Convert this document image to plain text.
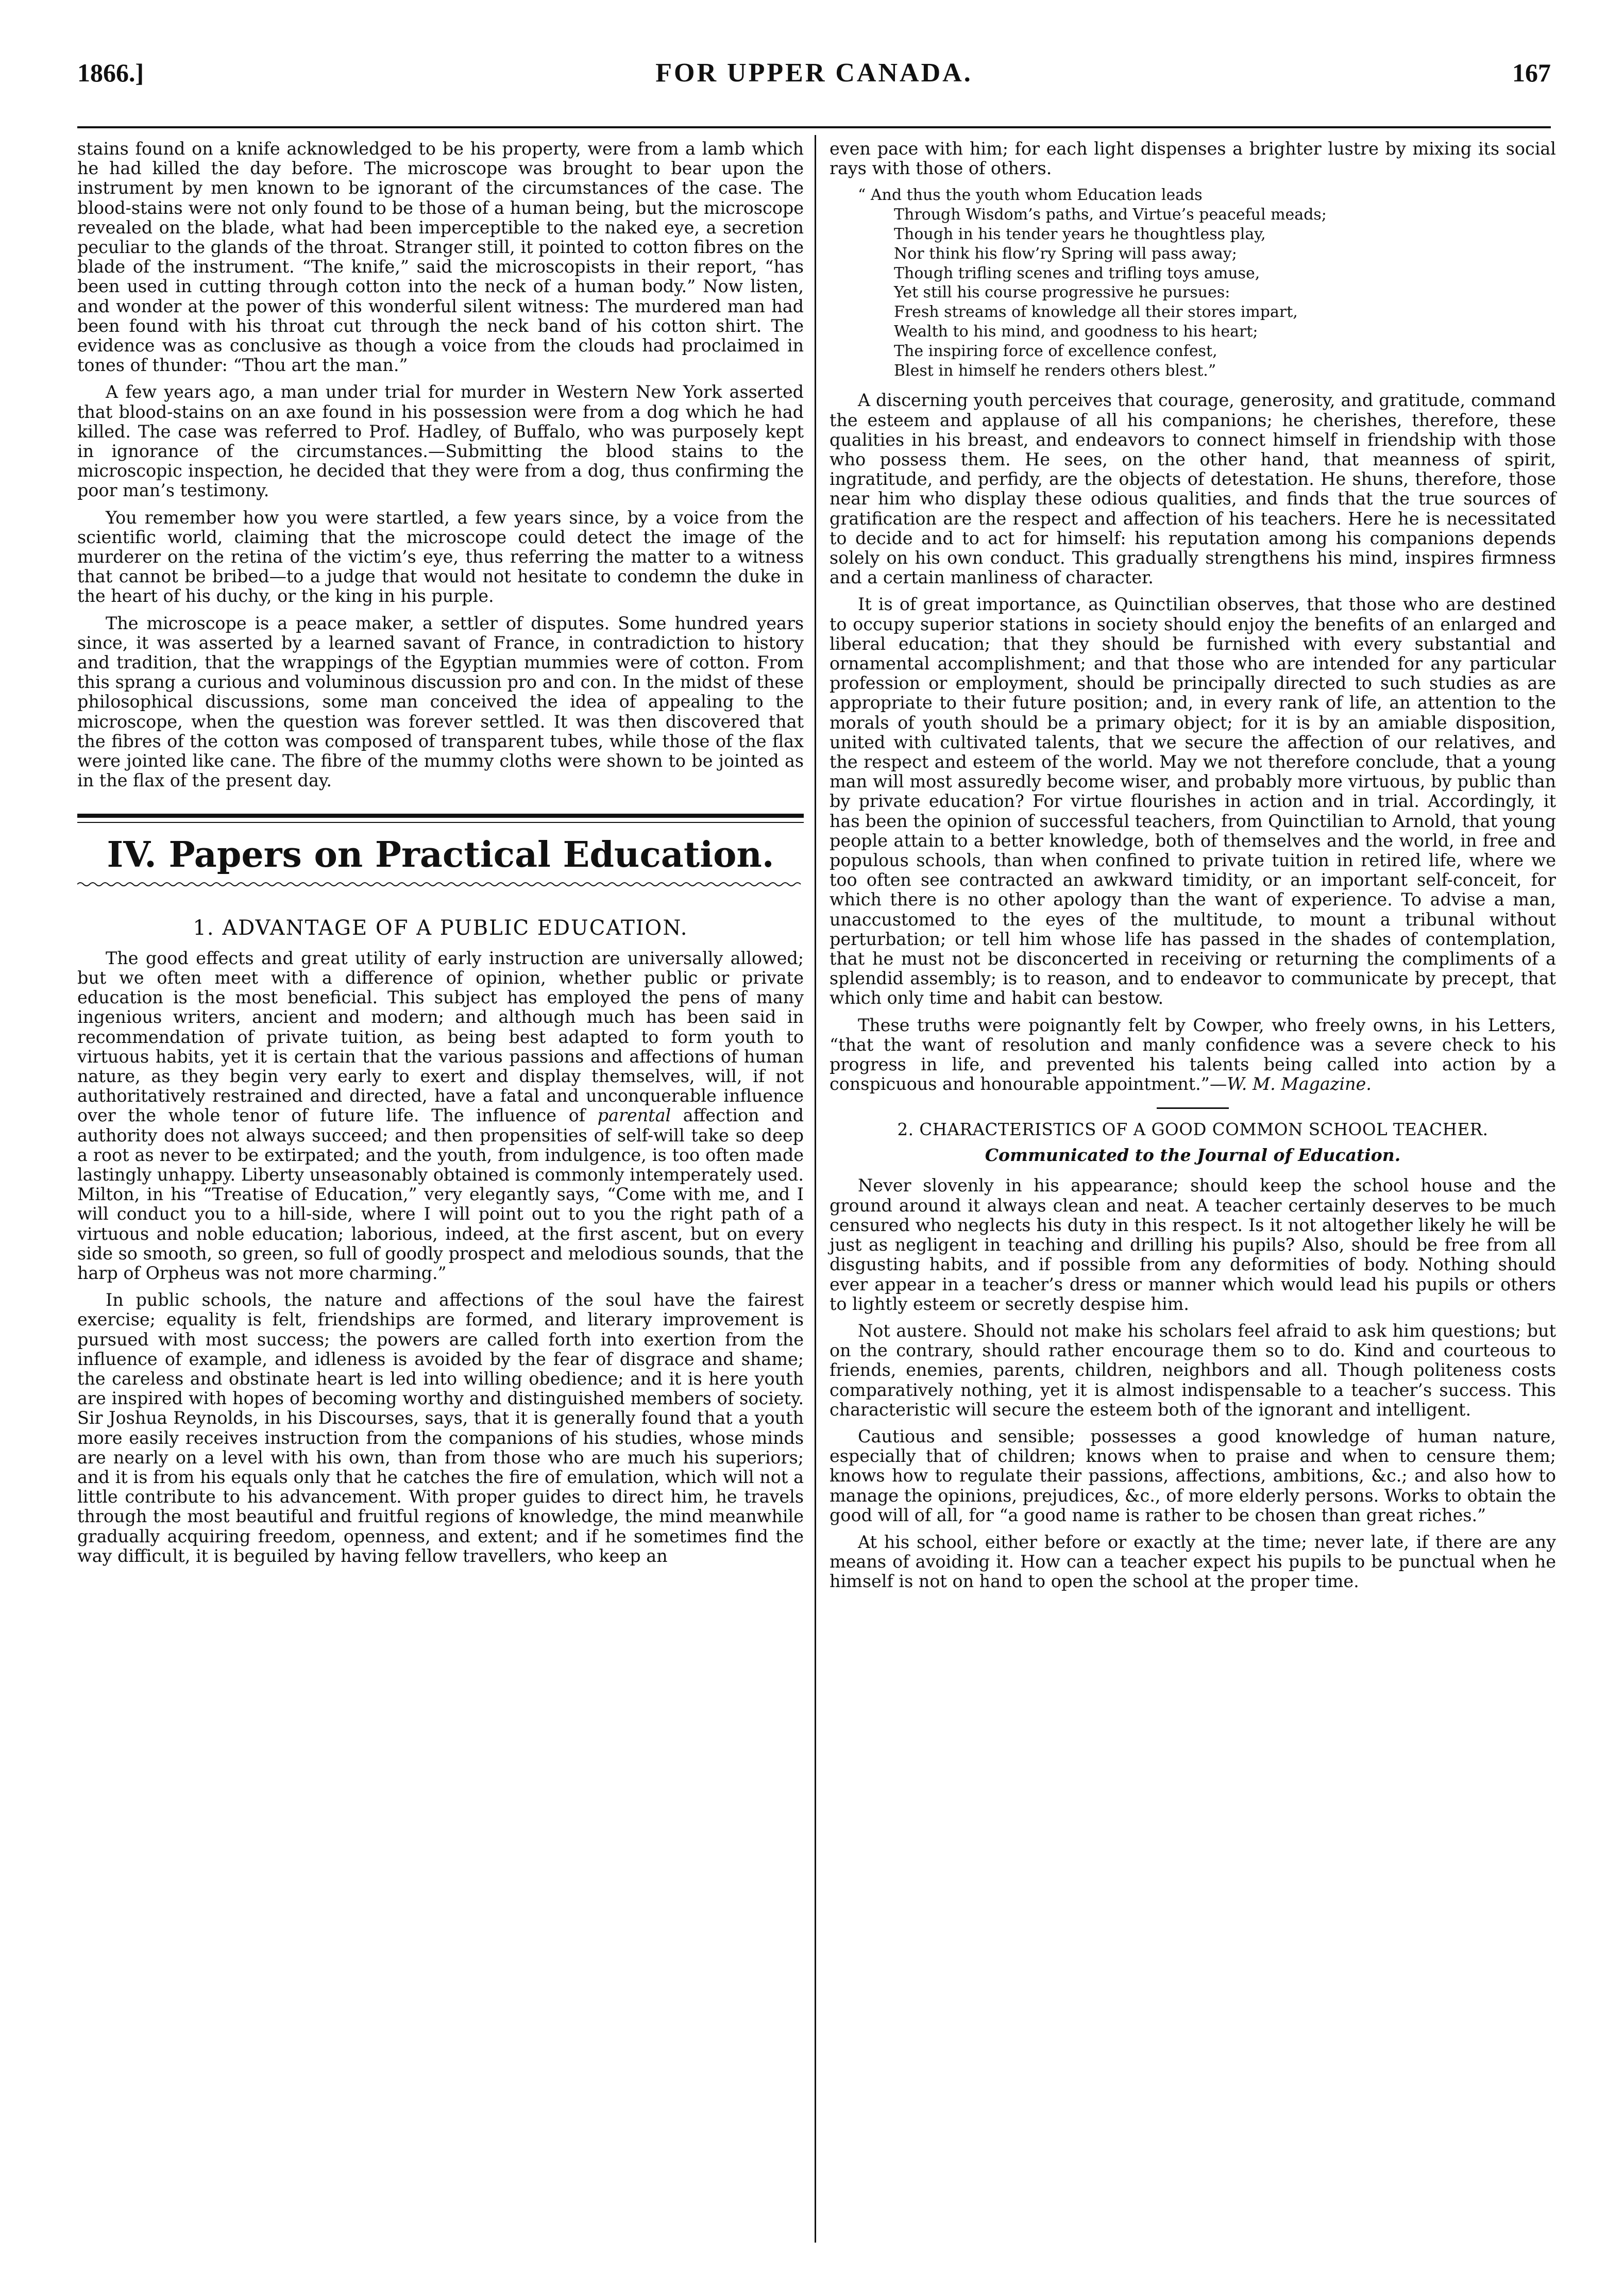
1866.]	FOR UPPER CANADA.	167

stains found on a knife acknowledged to be his property, were from a lamb which he had killed the day before. The microscope was brought to bear upon the instrument by men known to be ignorant of the circumstances of the case. The blood-stains were not only found to be those of a human being, but the microscope revealed on the blade, what had been imperceptible to the naked eye, a secretion peculiar to the glands of the throat. Stranger still, it pointed to cotton fibres on the blade of the instrument. “The knife,” said the microscopists in their report, “has been used in cutting through cotton into the neck of a human body.” Now listen, and wonder at the power of this wonderful silent witness: The murdered man had been found with his throat cut through the neck band of his cotton shirt. The evidence was as conclusive as though a voice from the clouds had proclaimed in tones of thunder: “Thou art the man.”

A few years ago, a man under trial for murder in Western New York asserted that blood-stains on an axe found in his possession were from a dog which he had killed. The case was referred to Prof. Hadley, of Buffalo, who was purposely kept in ignorance of the circumstances.—Submitting the blood stains to the microscopic inspection, he decided that they were from a dog, thus confirming the poor man’s testimony.

You remember how you were startled, a few years since, by a voice from the scientific world, claiming that the microscope could detect the image of the murderer on the retina of the victim’s eye, thus referring the matter to a witness that cannot be bribed—to a judge that would not hesitate to condemn the duke in the heart of his duchy, or the king in his purple.

The microscope is a peace maker, a settler of disputes. Some hundred years since, it was asserted by a learned savant of France, in contradiction to history and tradition, that the wrappings of the Egyptian mummies were of cotton. From this sprang a curious and voluminous discussion pro and con. In the midst of these philosophical discussions, some man conceived the idea of appealing to the microscope, when the question was forever settled. It was then discovered that the fibres of the cotton was composed of transparent tubes, while those of the flax were jointed like cane. The fibre of the mummy cloths were shown to be jointed as in the flax of the present day.

IV. Papers on Practical Education.
1. ADVANTAGE OF A PUBLIC EDUCATION.

The good effects and great utility of early instruction are universally allowed; but we often meet with a difference of opinion, whether public or private education is the most beneficial. This subject has employed the pens of many ingenious writers, ancient and modern; and although much has been said in recommendation of private tuition, as being best adapted to form youth to virtuous habits, yet it is certain that the various passions and affections of human nature, as they begin very early to exert and display themselves, will, if not authoritatively restrained and directed, have a fatal and unconquerable influence over the whole tenor of future life. The influence of parental affection and authority does not always succeed; and then propensities of self-will take so deep a root as never to be extirpated; and the youth, from indulgence, is too often made lastingly unhappy. Liberty unseasonably obtained is commonly intemperately used. Milton, in his “Treatise of Education,” very elegantly says, “Come with me, and I will conduct you to a hill-side, where I will point out to you the right path of a virtuous and noble education; laborious, indeed, at the first ascent, but on every side so smooth, so green, so full of goodly prospect and melodious sounds, that the harp of Orpheus was not more charming.”

In public schools, the nature and affections of the soul have the fairest exercise; equality is felt, friendships are formed, and literary improvement is pursued with most success; the powers are called forth into exertion from the influence of example, and idleness is avoided by the fear of disgrace and shame; the careless and obstinate heart is led into willing obedience; and it is here youth are inspired with hopes of becoming worthy and distinguished members of society. Sir Joshua Reynolds, in his Discourses, says, that it is generally found that a youth more easily receives instruction from the companions of his studies, whose minds are nearly on a level with his own, than from those who are much his superiors; and it is from his equals only that he catches the fire of emulation, which will not a little contribute to his advancement. With proper guides to direct him, he travels through the most beautiful and fruitful regions of knowledge, the mind meanwhile gradually acquiring freedom, openness, and extent; and if he sometimes find the way difficult, it is beguiled by having fellow travellers, who keep an

even pace with him; for each light dispenses a brighter lustre by mixing its social rays with those of others.

“ And thus the youth whom Education leads
Through Wisdom’s paths, and Virtue’s peaceful meads;
Though in his tender years he thoughtless play,
Nor think his flow’ry Spring will pass away;
Though trifling scenes and trifling toys amuse,
Yet still his course progressive he pursues:
Fresh streams of knowledge all their stores impart,
Wealth to his mind, and goodness to his heart;
The inspiring force of excellence confest,
Blest in himself he renders others blest.”

A discerning youth perceives that courage, generosity, and gratitude, command the esteem and applause of all his companions; he cherishes, therefore, these qualities in his breast, and endeavors to connect himself in friendship with those who possess them. He sees, on the other hand, that meanness of spirit, ingratitude, and perfidy, are the objects of detestation. He shuns, therefore, those near him who display these odious qualities, and finds that the true sources of gratification are the respect and affection of his teachers. Here he is necessitated to decide and to act for himself: his reputation among his companions depends solely on his own conduct. This gradually strengthens his mind, inspires firmness and a certain manliness of character.

It is of great importance, as Quinctilian observes, that those who are destined to occupy superior stations in society should enjoy the benefits of an enlarged and liberal education; that they should be furnished with every substantial and ornamental accomplishment; and that those who are intended for any particular profession or employment, should be principally directed to such studies as are appropriate to their future position; and, in every rank of life, an attention to the morals of youth should be a primary object; for it is by an amiable disposition, united with cultivated talents, that we secure the affection of our relatives, and the respect and esteem of the world. May we not therefore conclude, that a young man will most assuredly become wiser, and probably more virtuous, by public than by private education? For virtue flourishes in action and in trial. Accordingly, it has been the opinion of successful teachers, from Quinctilian to Arnold, that young people attain to a better knowledge, both of themselves and the world, in free and populous schools, than when confined to private tuition in retired life, where we too often see contracted an awkward timidity, or an important self-conceit, for which there is no other apology than the want of experience. To advise a man, unaccustomed to the eyes of the multitude, to mount a tribunal without perturbation; or tell him whose life has passed in the shades of contemplation, that he must not be disconcerted in receiving or returning the compliments of a splendid assembly; is to reason, and to endeavor to communicate by precept, that which only time and habit can bestow.

These truths were poignantly felt by Cowper, who freely owns, in his Letters, “that the want of resolution and manly confidence was a severe check to his progress in life, and prevented his talents being called into action by a conspicuous and honourable appointment.”—W. M. Magazine.

2. CHARACTERISTICS OF A GOOD COMMON SCHOOL TEACHER.
Communicated to the Journal of Education.

Never slovenly in his appearance; should keep the school house and the ground around it always clean and neat. A teacher certainly deserves to be much censured who neglects his duty in this respect. Is it not altogether likely he will be just as negligent in teaching and drilling his pupils? Also, should be free from all disgusting habits, and if possible from any deformities of body. Nothing should ever appear in a teacher’s dress or manner which would lead his pupils or others to lightly esteem or secretly despise him.

Not austere. Should not make his scholars feel afraid to ask him questions; but on the contrary, should rather encourage them so to do. Kind and courteous to friends, enemies, parents, children, neighbors and all. Though politeness costs comparatively nothing, yet it is almost indispensable to a teacher’s success. This characteristic will secure the esteem both of the ignorant and intelligent.

Cautious and sensible; possesses a good knowledge of human nature, especially that of children; knows when to praise and when to censure them; knows how to regulate their passions, affections, ambitions, &c.; and also how to manage the opinions, prejudices, &c., of more elderly persons. Works to obtain the good will of all, for “a good name is rather to be chosen than great riches.”

At his school, either before or exactly at the time; never late, if there are any means of avoiding it. How can a teacher expect his pupils to be punctual when he himself is not on hand to open the school at the proper time.
